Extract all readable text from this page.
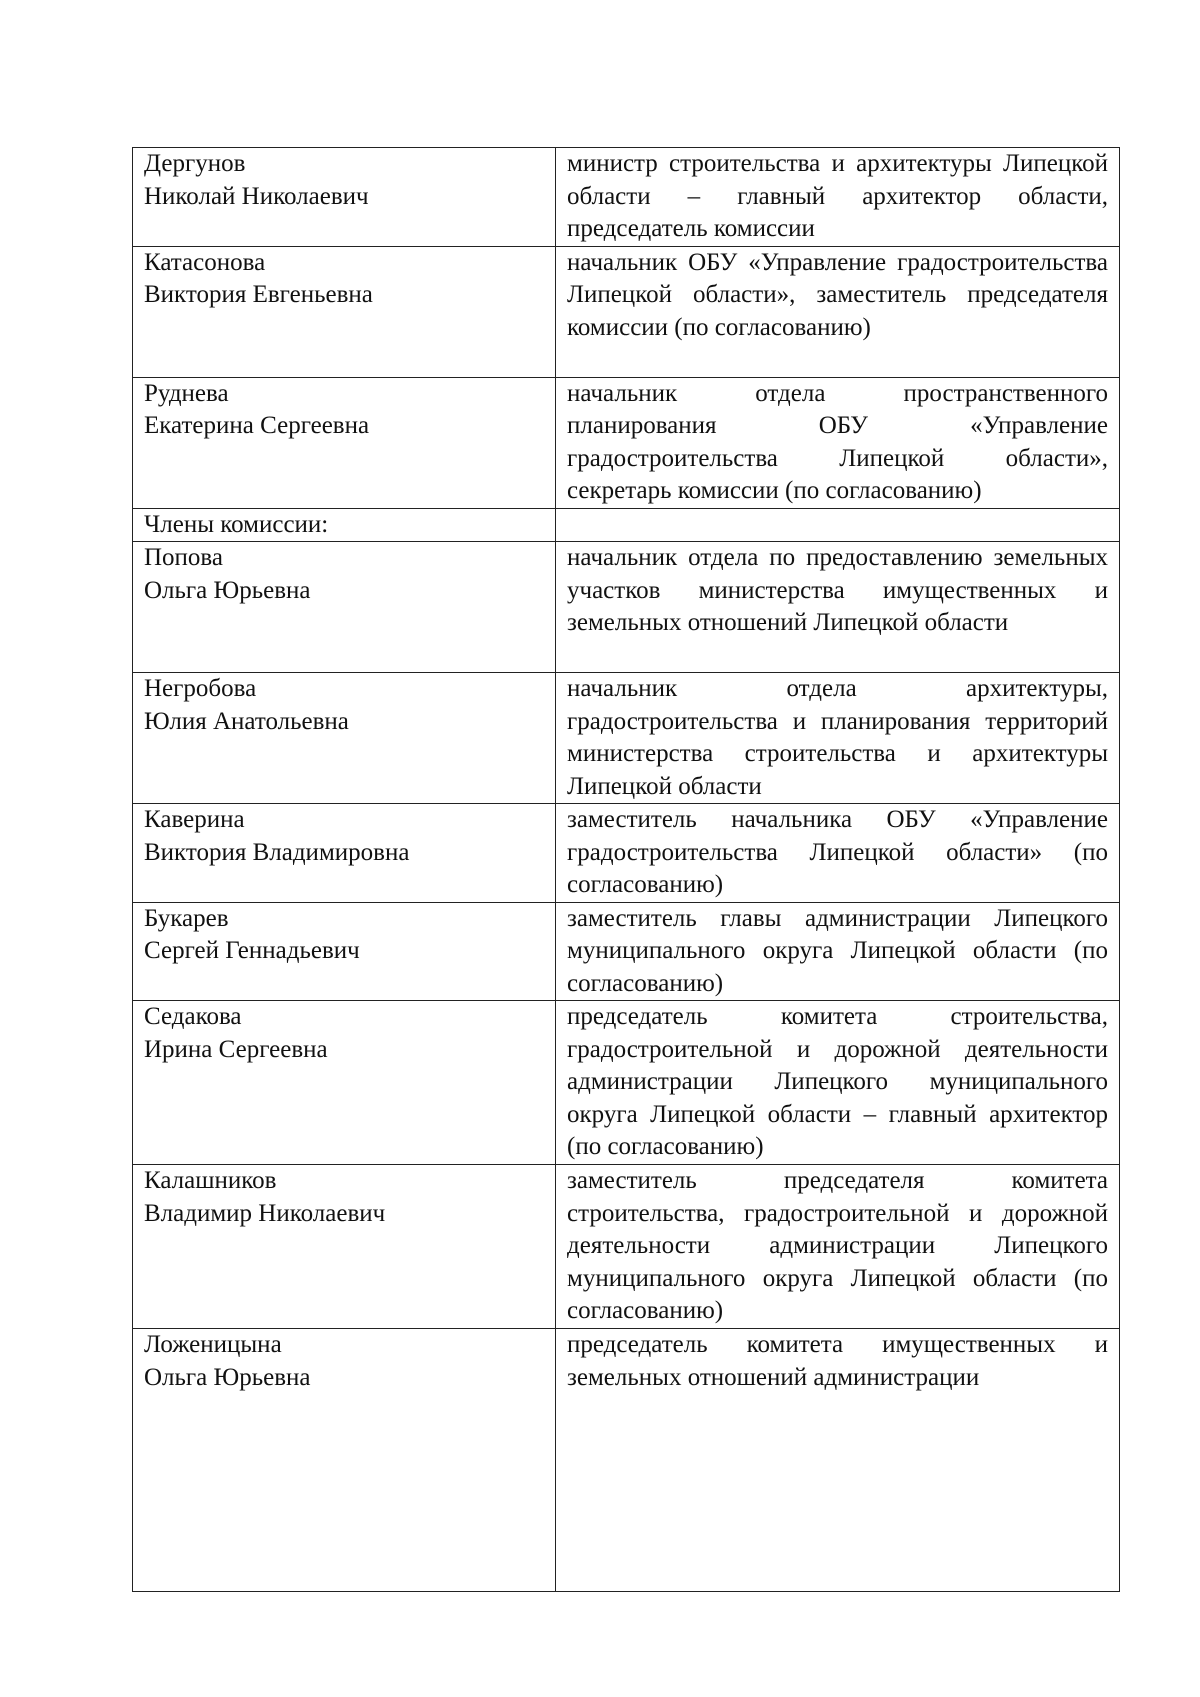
Дергунов
Николай Николаевич	министр строительства и архитектуры Липецкой области – главный архитектор области, председатель комиссии

Катасонова
Виктория Евгеньевна	начальник ОБУ «Управление градостроительства Липецкой области», заместитель председателя комиссии (по согласованию)

Руднева
Екатерина Сергеевна	начальник отдела пространственного планирования ОБУ «Управление градостроительства Липецкой области», секретарь комиссии (по согласованию)

Члены комиссии:	

Попова
Ольга Юрьевна	начальник отдела по предоставлению земельных участков министерства имущественных и земельных отношений Липецкой области

Негробова
Юлия Анатольевна	начальник отдела архитектуры, градостроительства и планирования территорий министерства строительства и архитектуры Липецкой области

Каверина
Виктория Владимировна	заместитель начальника ОБУ «Управление градостроительства Липецкой области» (по согласованию)

Букарев
Сергей Геннадьевич	заместитель главы администрации Липецкого муниципального округа Липецкой области (по согласованию)

Седакова
Ирина Сергеевна	председатель комитета строительства, градостроительной и дорожной деятельности администрации Липецкого муниципального округа Липецкой области – главный архитектор (по согласованию)

Калашников
Владимир Николаевич	заместитель председателя комитета строительства, градостроительной и дорожной деятельности администрации Липецкого муниципального округа Липецкой области (по согласованию)

Ложеницына
Ольга Юрьевна	председатель комитета имущественных и земельных отношений администрации
